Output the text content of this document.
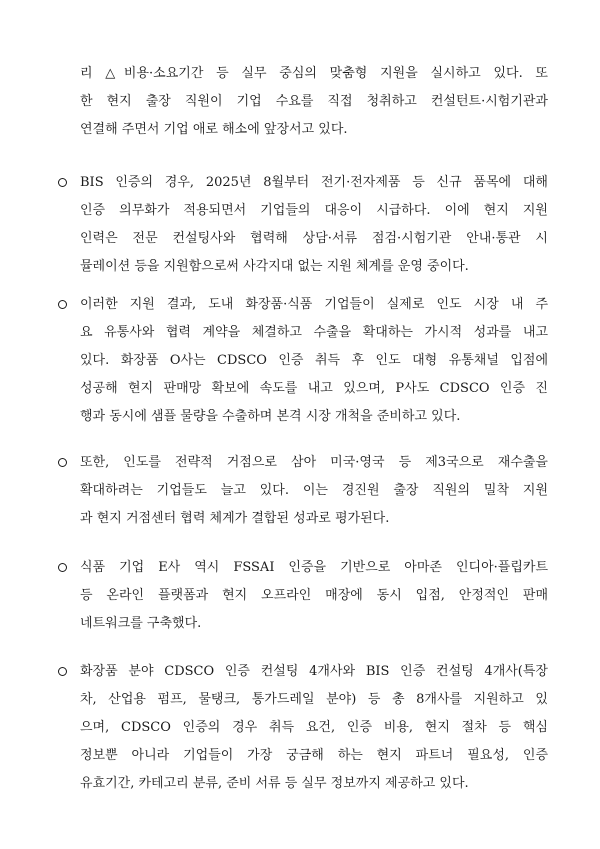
리 △비용·소요기간 등 실무 중심의 맞춤형 지원을 실시하고 있다. 또
한 현지 출장 직원이 기업 수요를 직접 청취하고 컨설턴트·시험기관과
연결해 주면서 기업 애로 해소에 앞장서고 있다.
BIS 인증의 경우, 2025년 8월부터 전기·전자제품 등 신규 품목에 대해
인증 의무화가 적용되면서 기업들의 대응이 시급하다. 이에 현지 지원
인력은 전문 컨설팅사와 협력해 상담·서류 점검·시험기관 안내·통관 시
뮬레이션 등을 지원함으로써 사각지대 없는 지원 체계를 운영 중이다.
이러한 지원 결과, 도내 화장품·식품 기업들이 실제로 인도 시장 내 주
요 유통사와 협력 계약을 체결하고 수출을 확대하는 가시적 성과를 내고
있다. 화장품 O사는 CDSCO 인증 취득 후 인도 대형 유통채널 입점에
성공해 현지 판매망 확보에 속도를 내고 있으며, P사도 CDSCO 인증 진
행과 동시에 샘플 물량을 수출하며 본격 시장 개척을 준비하고 있다.
또한, 인도를 전략적 거점으로 삼아 미국·영국 등 제3국으로 재수출을
확대하려는 기업들도 늘고 있다. 이는 경진원 출장 직원의 밀착 지원
과 현지 거점센터 협력 체계가 결합된 성과로 평가된다.
식품 기업 E사 역시 FSSAI 인증을 기반으로 아마존 인디아·플립카트
등 온라인 플랫폼과 현지 오프라인 매장에 동시 입점, 안정적인 판매
네트워크를 구축했다.
화장품 분야 CDSCO 인증 컨설팅 4개사와 BIS 인증 컨설팅 4개사(특장
차, 산업용 펌프, 물탱크, 통가드레일 분야) 등 총 8개사를 지원하고 있
으며, CDSCO 인증의 경우 취득 요건, 인증 비용, 현지 절차 등 핵심
정보뿐 아니라 기업들이 가장 궁금해 하는 현지 파트너 필요성, 인증
유효기간, 카테고리 분류, 준비 서류 등 실무 정보까지 제공하고 있다.
